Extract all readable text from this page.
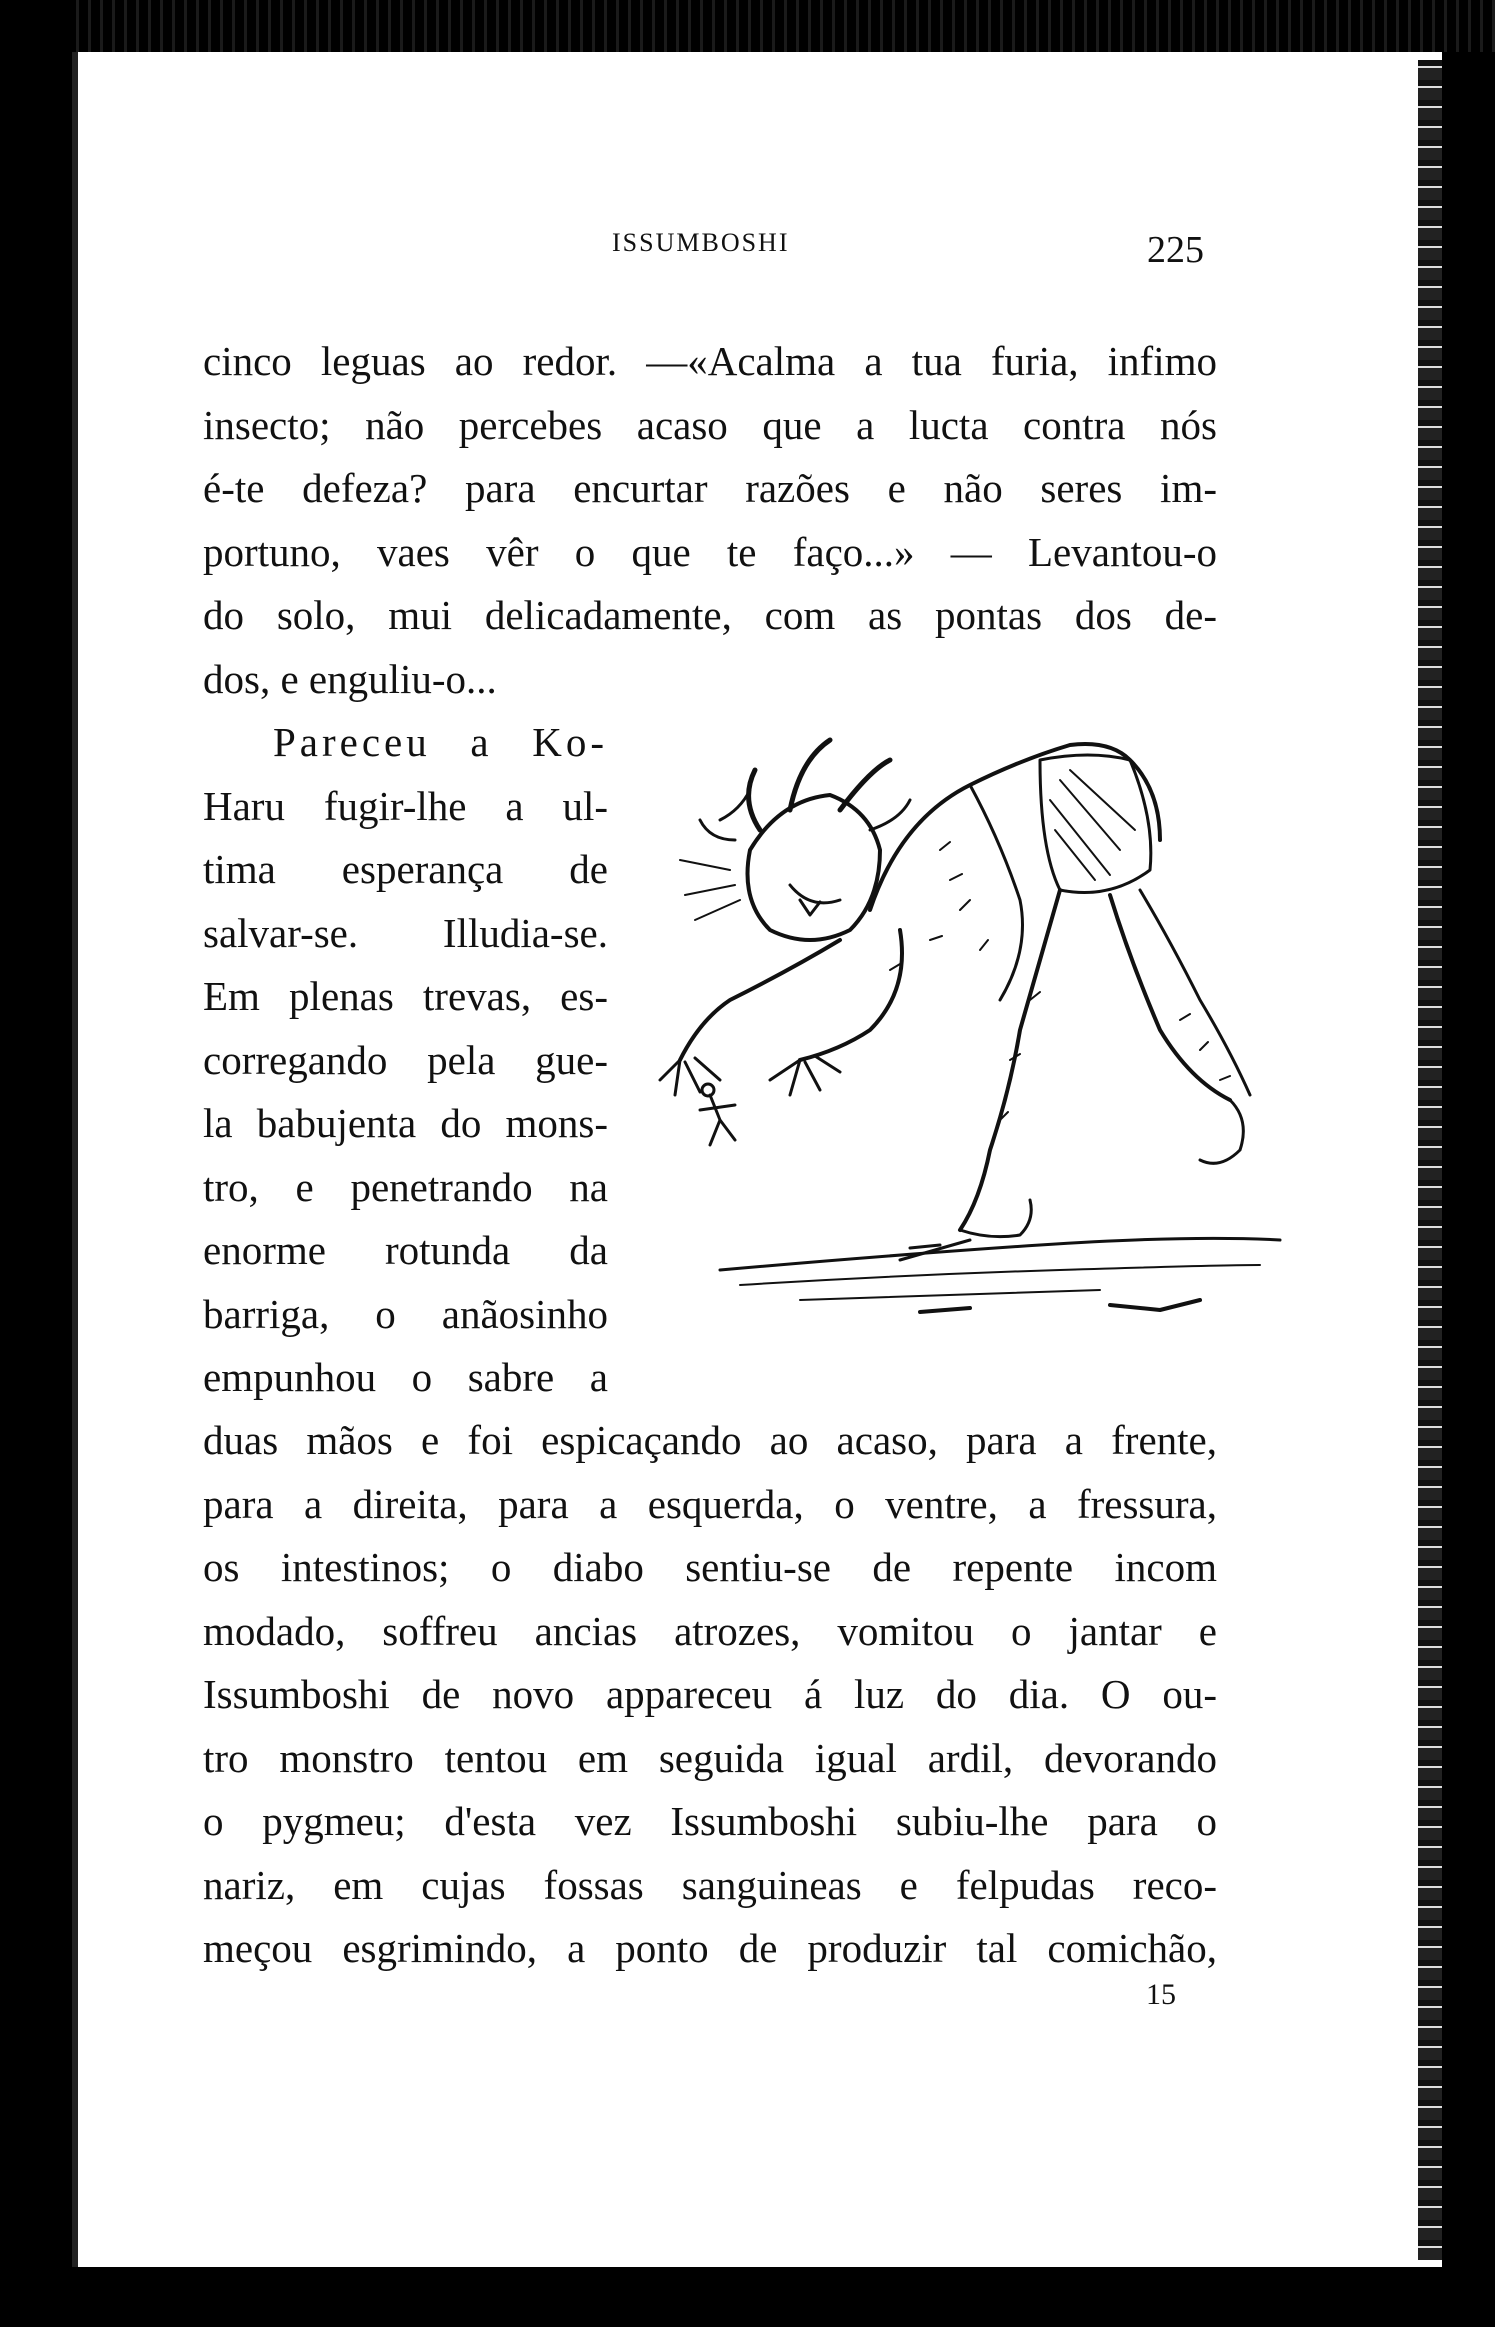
ISSUMBOSHI	225

cinco leguas ao redor. —«Acalma a tua furia, infimo
insecto; não percebes acaso que a lucta contra nós
é-te defeza? para encurtar razões e não seres im-
portuno, vaes vêr o que te faço...» — Levantou-o
do solo, mui delicadamente, com as pontas dos de-
dos, e enguliu-o...

Pareceu a Ko-
Haru fugir-lhe a ul-
tima esperança de
salvar-se. Illudia-se.
Em plenas trevas, es-
corregando pela gue-
la babujenta do mons-
tro, e penetrando na
enorme rotunda da
barriga, o anãosinho
empunhou o sabre a

duas mãos e foi espicaçando ao acaso, para a frente,
para a direita, para a esquerda, o ventre, a fressura,
os intestinos; o diabo sentiu-se de repente incom
modado, soffreu ancias atrozes, vomitou o jantar e
Issumboshi de novo appareceu á luz do dia. O ou-
tro monstro tentou em seguida igual ardil, devorando
o pygmeu; d'esta vez Issumboshi subiu-lhe para o
nariz, em cujas fossas sanguineas e felpudas reco-
meçou esgrimindo, a ponto de produzir tal comichão,

15
